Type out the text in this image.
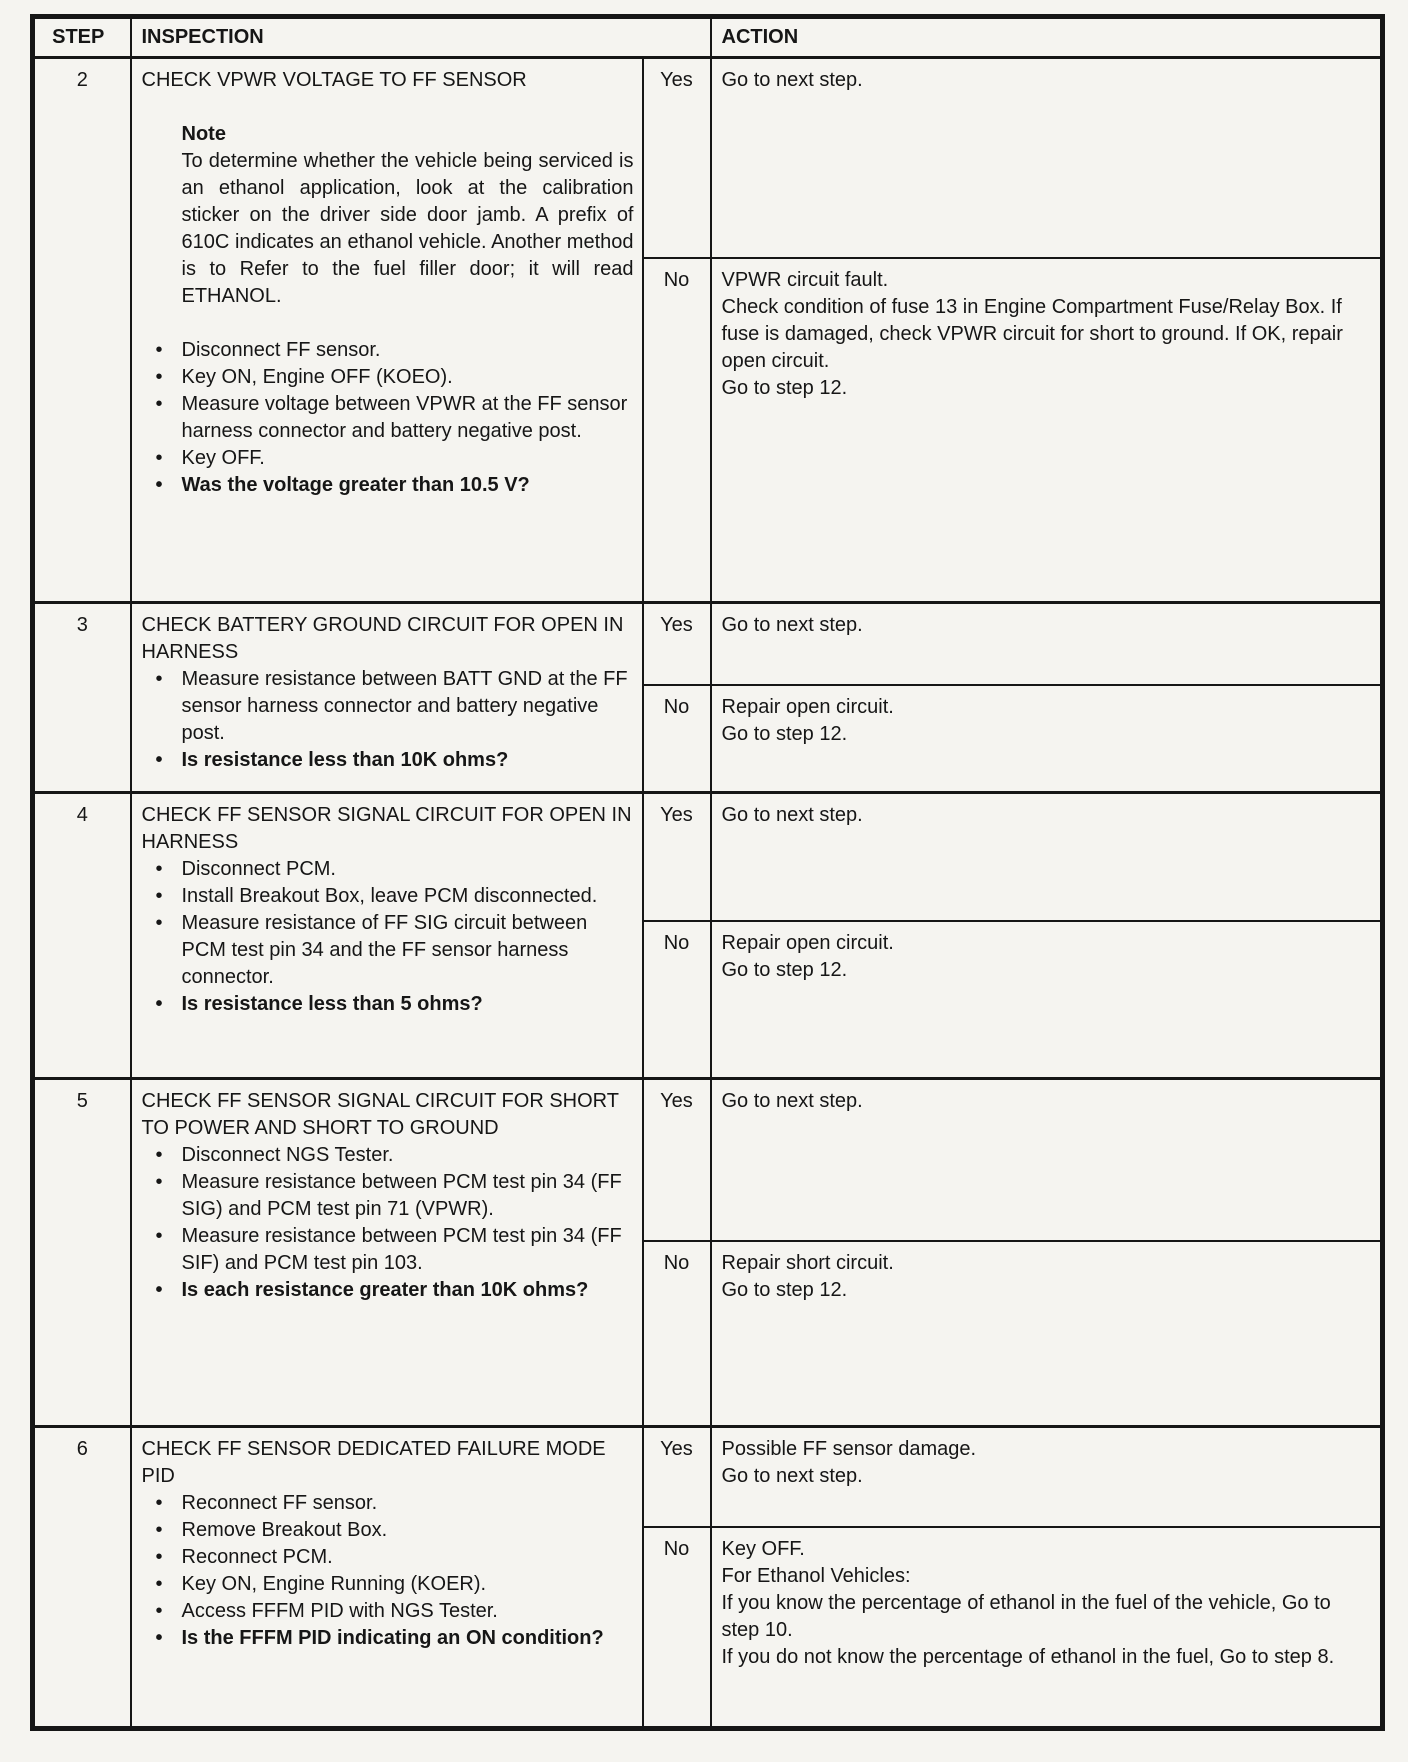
STEP	INSPECTION		ACTION
2	CHECK VPWR VOLTAGE TO FF SENSOR
Note
To determine whether the vehicle being serviced is an ethanol application, look at the calibration sticker on the driver side door jamb. A prefix of 610C indicates an ethanol vehicle. Another method is to Refer to the fuel filler door; it will read ETHANOL.
• Disconnect FF sensor.
• Key ON, Engine OFF (KOEO).
• Measure voltage between VPWR at the FF sensor harness connector and battery negative post.
• Key OFF.
• Was the voltage greater than 10.5 V?
	Yes	Go to next step.

		No	VPWR circuit fault.
Check condition of fuse 13 in Engine Compartment Fuse/Relay Box. If fuse is damaged, check VPWR circuit for short to ground. If OK, repair open circuit.
Go to step 12.

3	CHECK BATTERY GROUND CIRCUIT FOR OPEN IN HARNESS
• Measure resistance between BATT GND at the FF sensor harness connector and battery negative post.
• Is resistance less than 10K ohms?	Yes	Go to next step.

		No	Repair open circuit.
Go to step 12.

4	CHECK FF SENSOR SIGNAL CIRCUIT FOR OPEN IN HARNESS
• Disconnect PCM.
• Install Breakout Box, leave PCM disconnected.
• Measure resistance of FF SIG circuit between PCM test pin 34 and the FF sensor harness connector.
• Is resistance less than 5 ohms?
	Yes	Go to next step.

		No	Repair open circuit.
Go to step 12.

5	CHECK FF SENSOR SIGNAL CIRCUIT FOR SHORT TO POWER AND SHORT TO GROUND
• Disconnect NGS Tester.
• Measure resistance between PCM test pin 34 (FF SIG) and PCM test pin 71 (VPWR).
• Measure resistance between PCM test pin 34 (FF SIF) and PCM test pin 103.
• Is each resistance greater than 10K ohms?
	Yes	Go to next step.

		No	Repair short circuit.
Go to step 12.

6	CHECK FF SENSOR DEDICATED FAILURE MODE PID
• Reconnect FF sensor.
• Remove Breakout Box.
• Reconnect PCM.
• Key ON, Engine Running (KOER).
• Access FFFM PID with NGS Tester.
• Is the FFFM PID indicating an ON condition?
	Yes	Possible FF sensor damage.
Go to next step.

		No	Key OFF.
For Ethanol Vehicles:
If you know the percentage of ethanol in the fuel of the vehicle, Go to step 10.
If you do not know the percentage of ethanol in the fuel, Go to step 8.
